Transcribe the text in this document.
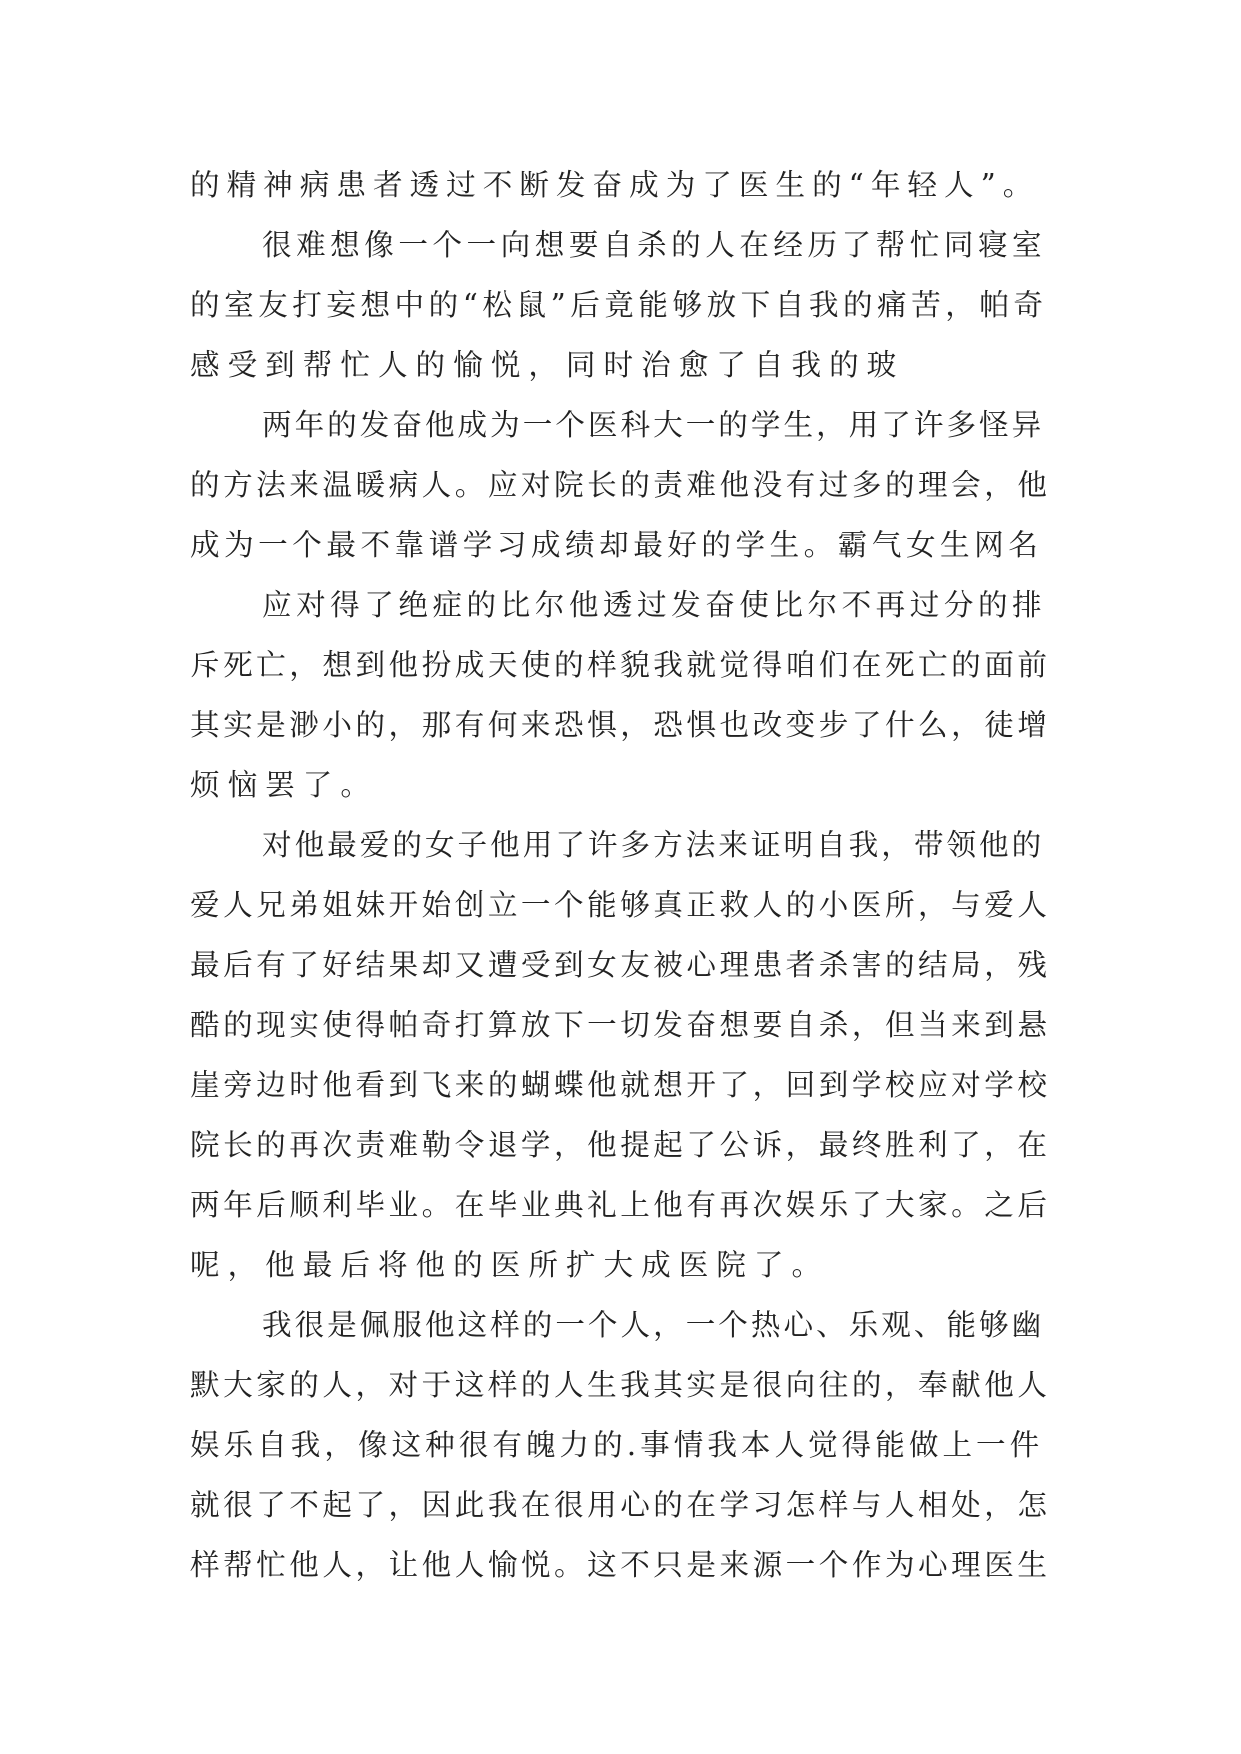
的精神病患者透过不断发奋成为了医生的“年轻人”。
很难想像一个一向想要自杀的人在经历了帮忙同寝室
的室友打妄想中的“松鼠”后竟能够放下自我的痛苦，帕奇
感受到帮忙人的愉悦，同时治愈了自我的玻
两年的发奋他成为一个医科大一的学生，用了许多怪异
的方法来温暖病人。应对院长的责难他没有过多的理会，他
成为一个最不靠谱学习成绩却最好的学生。霸气女生网名
应对得了绝症的比尔他透过发奋使比尔不再过分的排
斥死亡，想到他扮成天使的样貌我就觉得咱们在死亡的面前
其实是渺小的，那有何来恐惧，恐惧也改变步了什么，徒增
烦恼罢了。
对他最爱的女子他用了许多方法来证明自我，带领他的
爱人兄弟姐妹开始创立一个能够真正救人的小医所，与爱人
最后有了好结果却又遭受到女友被心理患者杀害的结局，残
酷的现实使得帕奇打算放下一切发奋想要自杀，但当来到悬
崖旁边时他看到飞来的蝴蝶他就想开了，回到学校应对学校
院长的再次责难勒令退学，他提起了公诉，最终胜利了，在
两年后顺利毕业。在毕业典礼上他有再次娱乐了大家。之后
呢，他最后将他的医所扩大成医院了。
我很是佩服他这样的一个人，一个热心、乐观、能够幽
默大家的人，对于这样的人生我其实是很向往的，奉献他人
娱乐自我，像这种很有魄力的.事情我本人觉得能做上一件
就很了不起了，因此我在很用心的在学习怎样与人相处，怎
样帮忙他人，让他人愉悦。这不只是来源一个作为心理医生
